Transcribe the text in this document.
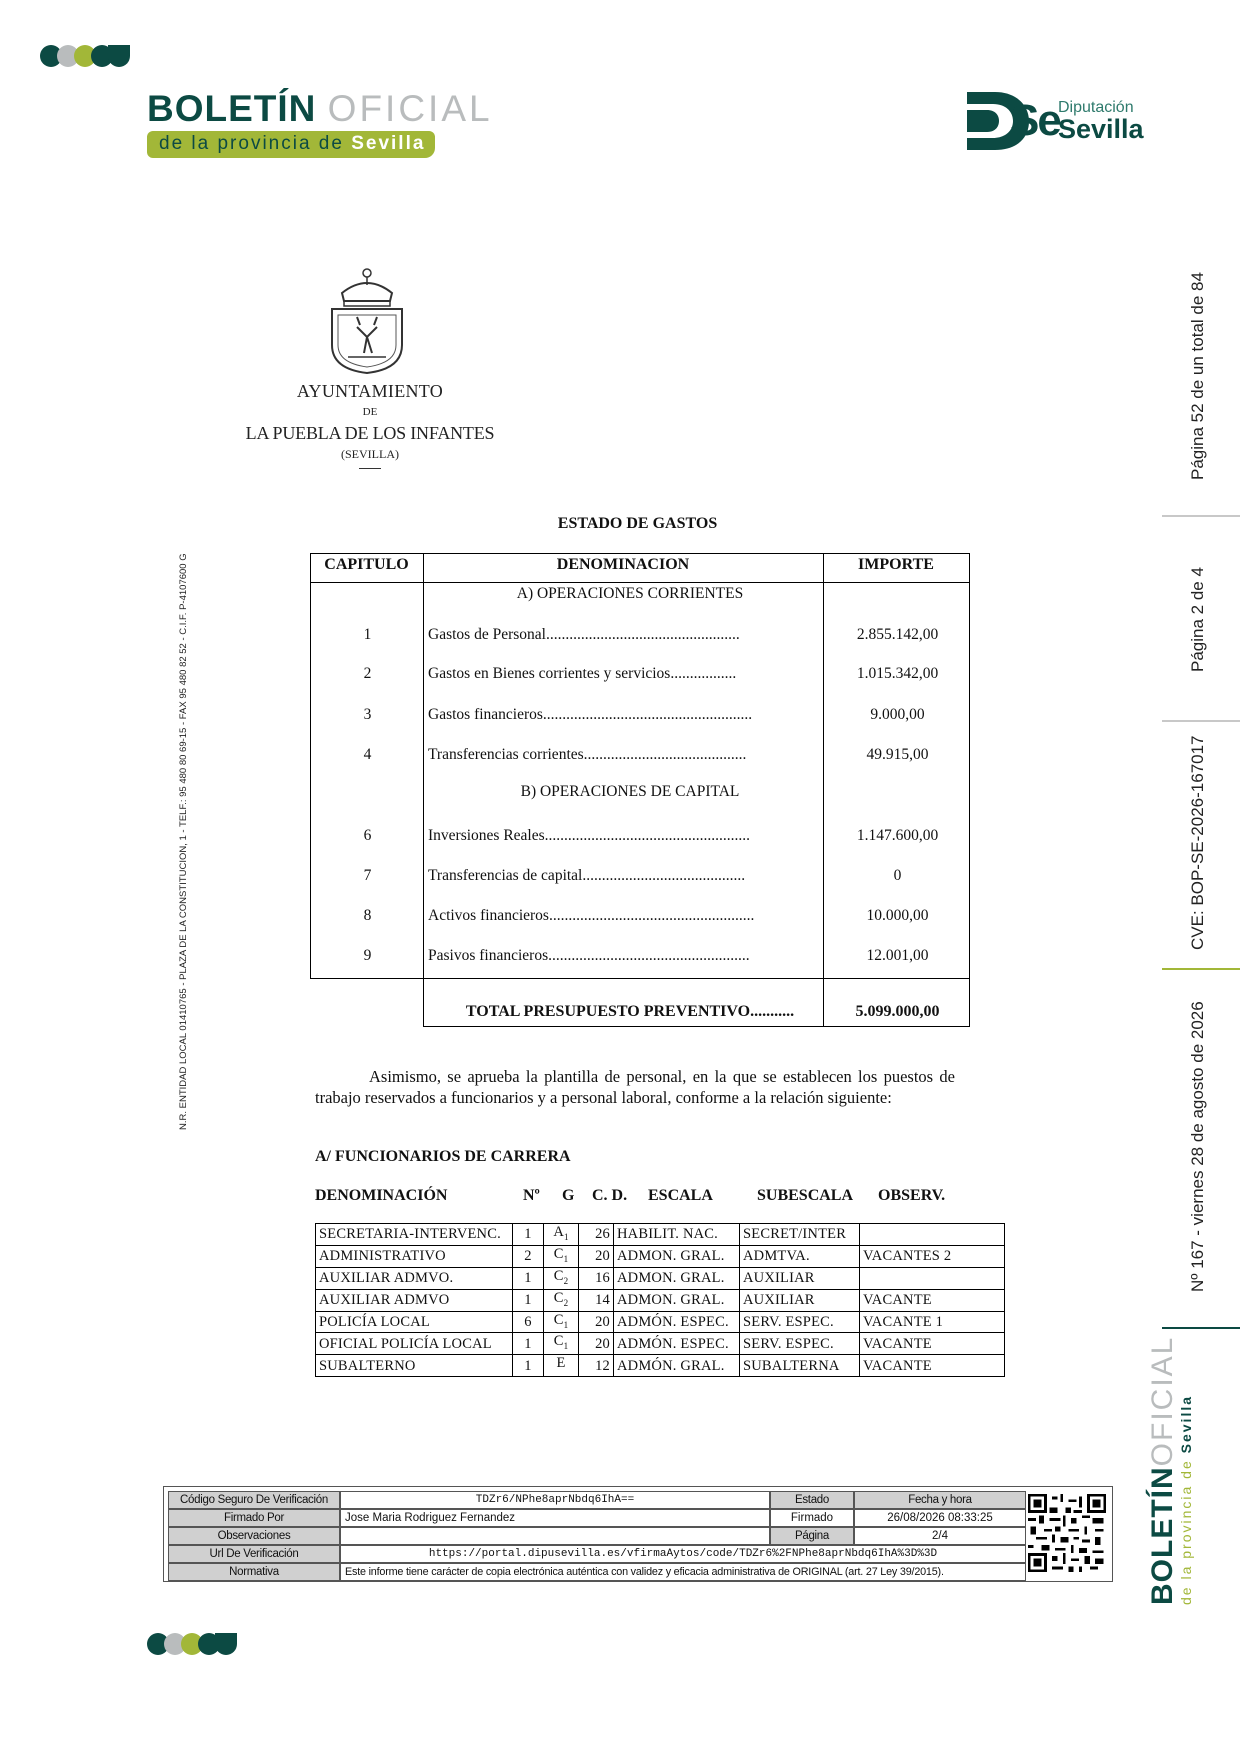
BOLETÍN OFICIAL
de la provincia de Sevilla	Se
Diputación
Sevilla
AYUNTAMIENTO
DE
LA PUEBLA DE LOS INFANTES
(SEVILLA)
N.R. ENTIDAD LOCAL 01410765 - PLAZA DE LA CONSTITUCION, 1 - TELF.: 95 480 80 69-15 - FAX 95 480 82 52 - C.I.F. P-4107600 G
Página 52 de un total de 84
Página 2 de 4
CVE: BOP-SE-2026-167017
Nº 167 - viernes 28 de agosto de 2026
BOLETÍNOFICIAL
de la provincia de Sevilla
ESTADO DE GASTOS
CAPITULO	DENOMINACION	IMPORTE
A) OPERACIONES CORRIENTES
1	Gastos de Personal..................................................	2.855.142,00
2	Gastos en Bienes corrientes y servicios.................	1.015.342,00
3	Gastos financieros......................................................	9.000,00
4	Transferencias corrientes..........................................	49.915,00
B) OPERACIONES DE CAPITAL
6	Inversiones Reales.....................................................	1.147.600,00
7	Transferencias de capital..........................................	0
8	Activos financieros.....................................................	10.000,00
9	Pasivos financieros....................................................	12.001,00
TOTAL PRESUPUESTO PREVENTIVO...........	5.099.000,00
Asimismo, se aprueba la plantilla de personal, en la que se establecen los puestos de trabajo reservados a funcionarios y a personal laboral, conforme a la relación siguiente:
A/ FUNCIONARIOS DE CARRERA
DENOMINACIÓN	Nº G C. D. ESCALA	SUBESCALA OBSERV.
SECRETARIA-INTERVENC.	1	$A_1$	26	HABILIT. NAC.	SECRET/INTER	
ADMINISTRATIVO	2	$C_1$	20	ADMON. GRAL.	ADMTVA.	VACANTES 2
AUXILIAR ADMVO.	1	$C_2$	16	ADMON. GRAL.	AUXILIAR	
AUXILIAR ADMVO	1	$C_2$	14	ADMON. GRAL.	AUXILIAR	VACANTE
POLICÍA LOCAL	6	$C_1$	20	ADMÓN. ESPEC.	SERV. ESPEC.	VACANTE 1
OFICIAL POLICÍA LOCAL	1	$C_1$	20	ADMÓN. ESPEC.	SERV. ESPEC.	VACANTE
SUBALTERNO	1	E	12	ADMÓN. GRAL.	SUBALTERNA	VACANTE
Código Seguro De Verificación	TDZr6/NPhe8aprNbdq6IhA==	Estado	Fecha y hora
Firmado Por	Jose Maria Rodriguez Fernandez	Firmado	26/08/2026 08:33:25
Observaciones	Página	2/4
Url De Verificación	https://portal.dipusevilla.es/vfirmaAytos/code/TDZr6%2FNPhe8aprNbdq6IhA%3D%3D
Normativa	Este informe tiene carácter de copia electrónica auténtica con validez y eficacia administrativa de ORIGINAL (art. 27 Ley 39/2015).
